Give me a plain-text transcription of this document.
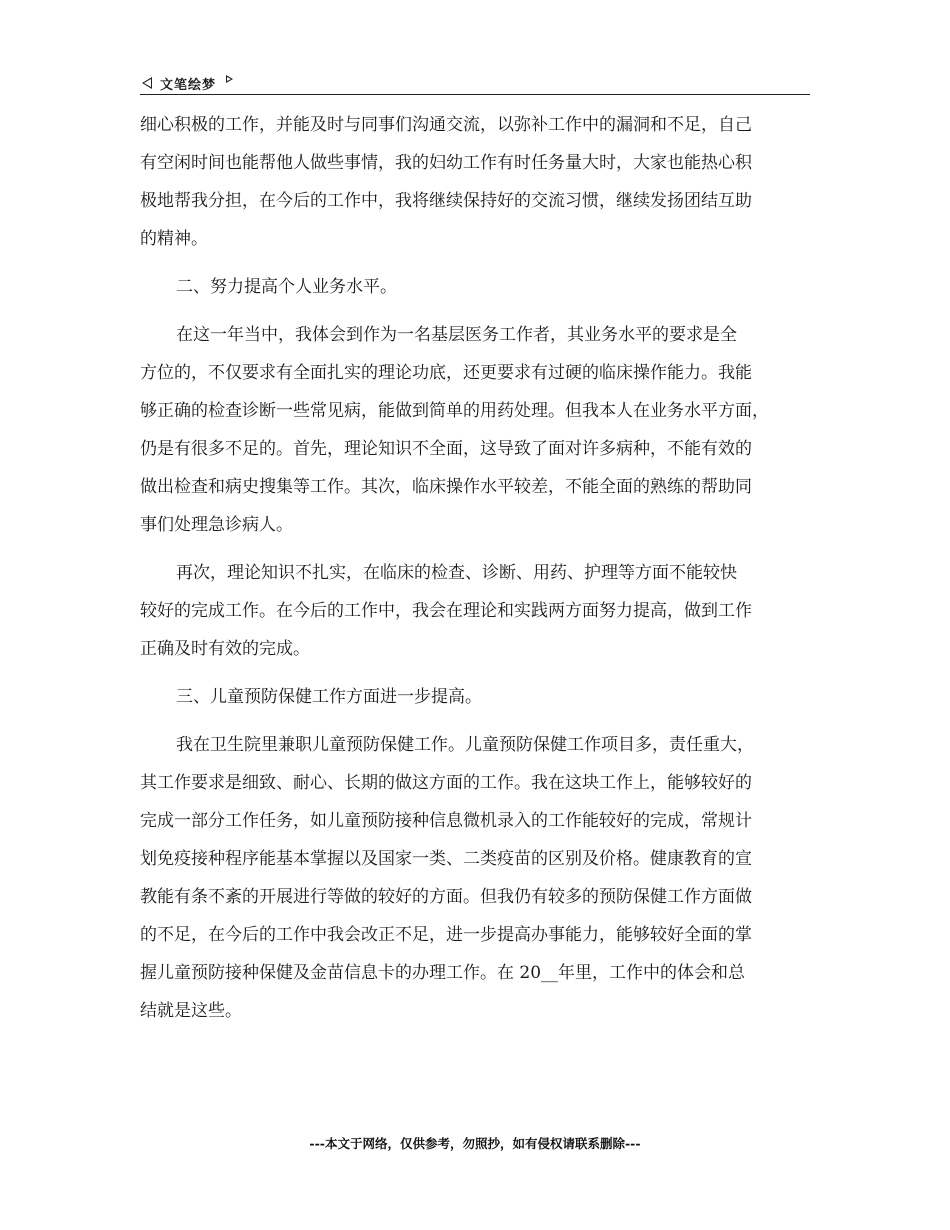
文笔绘梦
细心积极的工作，并能及时与同事们沟通交流，以弥补工作中的漏洞和不足，自己
有空闲时间也能帮他人做些事情，我的妇幼工作有时任务量大时，大家也能热心积
极地帮我分担，在今后的工作中，我将继续保持好的交流习惯，继续发扬团结互助
的精神。
二、努力提高个人业务水平。
在这一年当中，我体会到作为一名基层医务工作者，其业务水平的要求是全
方位的，不仅要求有全面扎实的理论功底，还更要求有过硬的临床操作能力。我能
够正确的检查诊断一些常见病，能做到简单的用药处理。但我本人在业务水平方面，
仍是有很多不足的。首先，理论知识不全面，这导致了面对许多病种，不能有效的
做出检查和病史搜集等工作。其次，临床操作水平较差，不能全面的熟练的帮助同
事们处理急诊病人。
再次，理论知识不扎实，在临床的检查、诊断、用药、护理等方面不能较快
较好的完成工作。在今后的工作中，我会在理论和实践两方面努力提高，做到工作
正确及时有效的完成。
三、儿童预防保健工作方面进一步提高。
我在卫生院里兼职儿童预防保健工作。儿童预防保健工作项目多，责任重大，
其工作要求是细致、耐心、长期的做这方面的工作。我在这块工作上，能够较好的
完成一部分工作任务，如儿童预防接种信息微机录入的工作能较好的完成，常规计
划免疫接种程序能基本掌握以及国家一类、二类疫苗的区别及价格。健康教育的宣
教能有条不紊的开展进行等做的较好的方面。但我仍有较多的预防保健工作方面做
的不足，在今后的工作中我会改正不足，进一步提高办事能力，能够较好全面的掌
握儿童预防接种保健及金苗信息卡的办理工作。在 20__年里，工作中的体会和总
结就是这些。
---本文于网络，仅供参考，勿照抄，如有侵权请联系删除---
